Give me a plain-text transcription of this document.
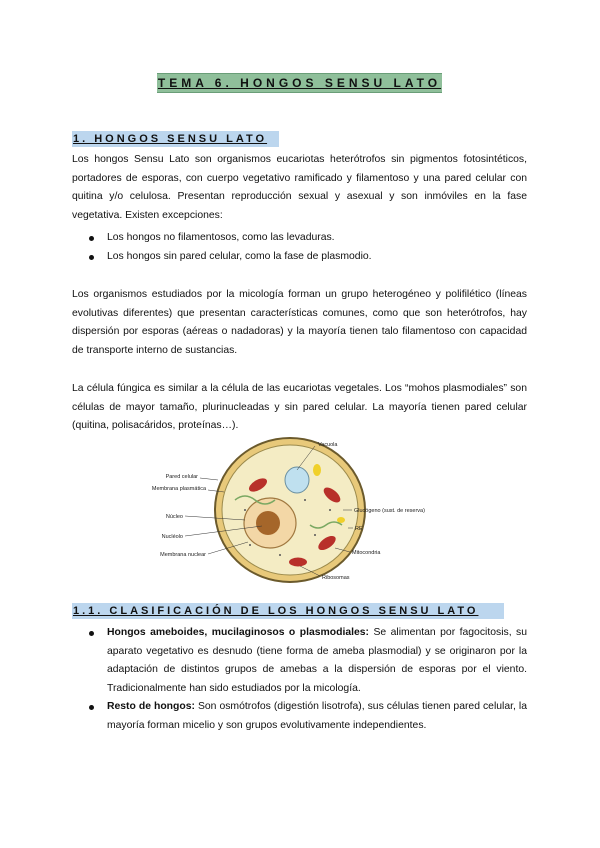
TEMA 6. HONGOS SENSU LATO
1. HONGOS SENSU LATO

Los hongos Sensu Lato son organismos eucariotas heterótrofos sin pigmentos fotosintéticos, portadores de esporas, con cuerpo vegetativo ramificado y filamentoso y una pared celular con quitina y/o celulosa. Presentan reproducción sexual y asexual y son inmóviles en la fase vegetativa. Existen excepciones:

Los hongos no filamentosos, como las levaduras.
Los hongos sin pared celular, como la fase de plasmodio.

Los organismos estudiados por la micología forman un grupo heterogéneo y polifilético (líneas evolutivas diferentes) que presentan características comunes, como que son heterótrofos, hay dispersión por esporas (aéreas o nadadoras) y la mayoría tienen talo filamentoso con capacidad de transporte interno de sustancias.

La célula fúngica es similar a la célula de las eucariotas vegetales. Los “mohos plasmodiales” son células de mayor tamaño, plurinucleadas y sin pared celular. La mayoría tienen pared celular (quitina, polisacáridos, proteínas…).

Vacuola
Pared celular
Membrana plasmática
Núcleo
Nucléolo
Membrana nuclear
Glucógeno (sust. de reserva)
RE
Mitocondria
Ribosomas
1.1. CLASIFICACIÓN DE LOS HONGOS SENSU LATO
Hongos ameboides, mucilaginosos o plasmodiales: Se alimentan por fagocitosis, su aparato vegetativo es desnudo (tiene forma de ameba plasmodial) y se originaron por la adaptación de distintos grupos de amebas a la dispersión de esporas por el viento. Tradicionalmente han sido estudiados por la micología.
Resto de hongos: Son osmótrofos (digestión lisotrofa), sus células tienen pared celular, la mayoría forman micelio y son grupos evolutivamente independientes.
